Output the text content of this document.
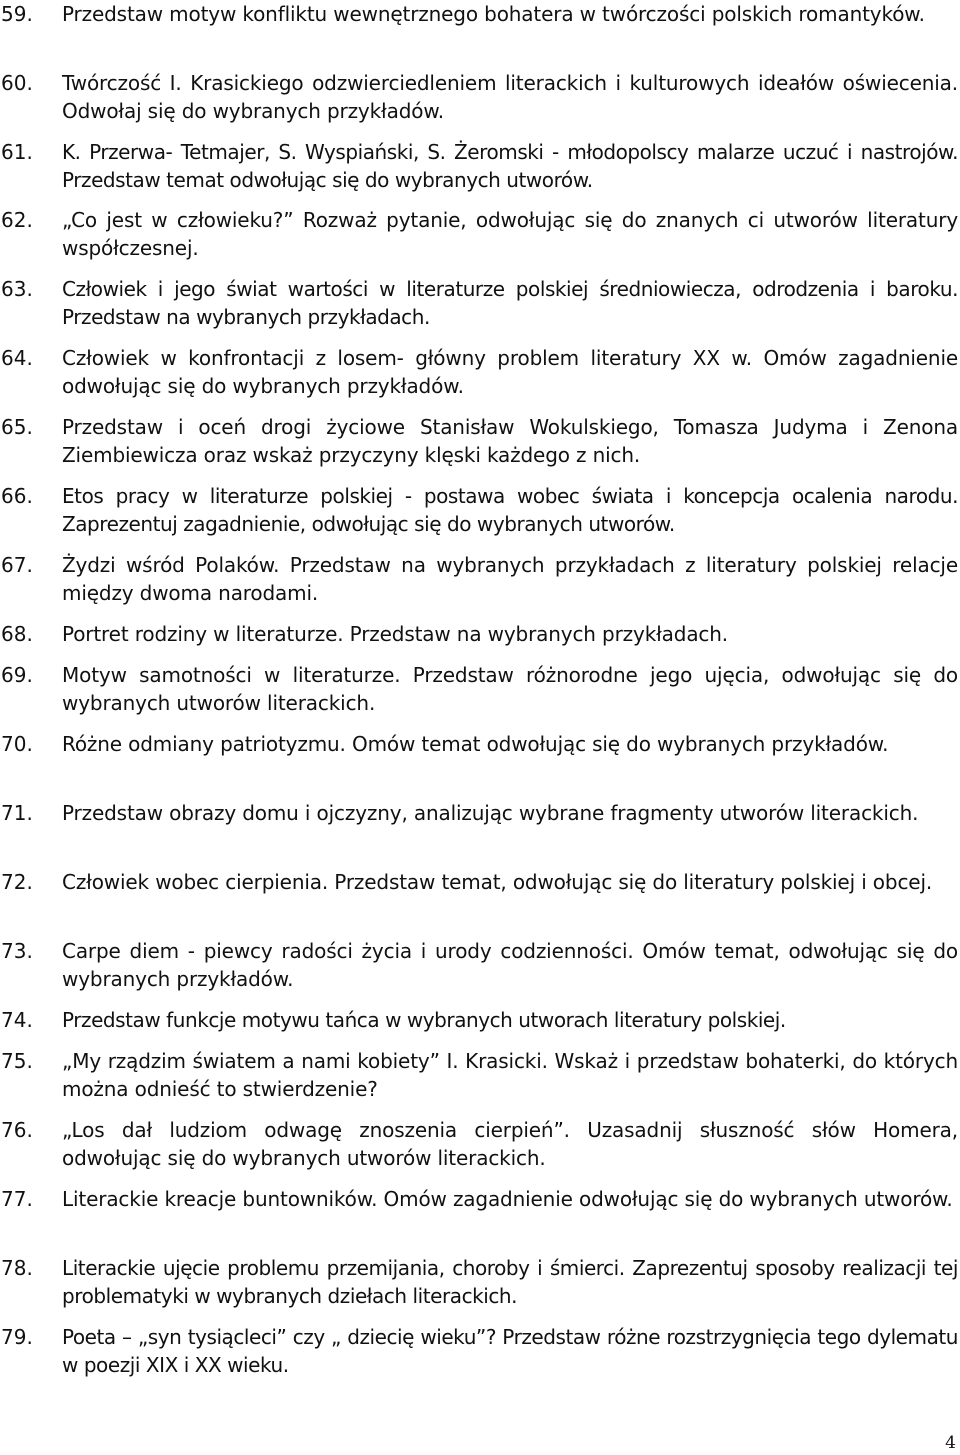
59. Przedstaw motyw konfliktu wewnętrznego bohatera w twórczości polskich romantyków.
60. Twórczość I. Krasickiego odzwierciedleniem literackich i kulturowych ideałów oświecenia. Odwołaj się do wybranych przykładów.
61. K. Przerwa- Tetmajer, S. Wyspiański, S. Żeromski - młodopolscy malarze uczuć i nastrojów. Przedstaw temat odwołując się do wybranych utworów.
62. „Co jest w człowieku?” Rozważ pytanie, odwołując się do znanych ci utworów literatury współczesnej.
63. Człowiek i jego świat wartości w literaturze polskiej średniowiecza, odrodzenia i baroku. Przedstaw na wybranych przykładach.
64. Człowiek w konfrontacji z losem- główny problem literatury XX w. Omów zagadnienie odwołując się do wybranych przykładów.
65. Przedstaw i oceń drogi życiowe Stanisław Wokulskiego, Tomasza Judyma i Zenona Ziembiewicza oraz wskaż przyczyny klęski każdego z nich.
66. Etos pracy w literaturze polskiej - postawa wobec świata i koncepcja ocalenia narodu. Zaprezentuj zagadnienie, odwołując się do wybranych utworów.
67. Żydzi wśród Polaków. Przedstaw na wybranych przykładach z literatury polskiej relacje między dwoma narodami.
68. Portret rodziny w literaturze. Przedstaw na wybranych przykładach.
69. Motyw samotności w literaturze. Przedstaw różnorodne jego ujęcia, odwołując się do wybranych utworów literackich.
70. Różne odmiany patriotyzmu. Omów temat odwołując się do wybranych przykładów.
71. Przedstaw obrazy domu i ojczyzny, analizując wybrane fragmenty utworów literackich.
72. Człowiek wobec cierpienia. Przedstaw temat, odwołując się do literatury polskiej i obcej.
73. Carpe diem - piewcy radości życia i urody codzienności. Omów temat, odwołując się do wybranych przykładów.
74. Przedstaw funkcje motywu tańca w wybranych utworach literatury polskiej.
75. „My rządzim światem a nami kobiety” I. Krasicki. Wskaż i przedstaw bohaterki, do których można odnieść to stwierdzenie?
76. „Los dał ludziom odwagę znoszenia cierpień”. Uzasadnij słuszność słów Homera, odwołując się do wybranych utworów literackich.
77. Literackie kreacje buntowników. Omów zagadnienie odwołując się do wybranych utworów.
78. Literackie ujęcie problemu przemijania, choroby i śmierci. Zaprezentuj sposoby realizacji tej problematyki w wybranych dziełach literackich.
79. Poeta – „syn tysiącleci” czy „ dziecię wieku”? Przedstaw różne rozstrzygnięcia tego dylematu w poezji XIX i XX wieku.
4
